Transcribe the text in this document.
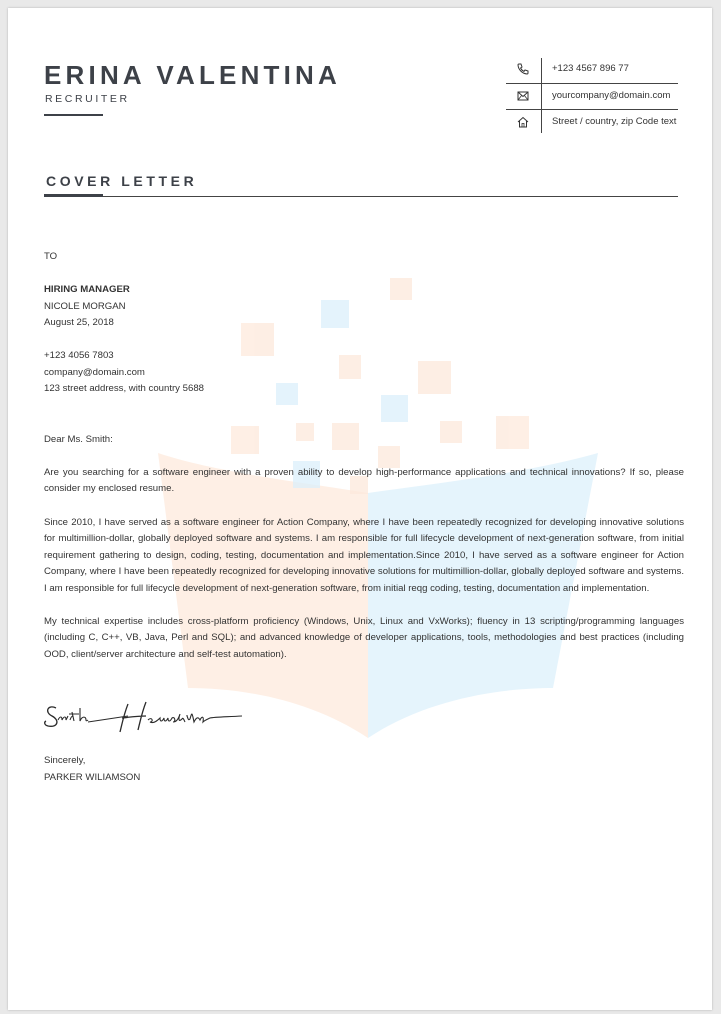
ERINA VALENTINA
RECRUITER
+123 4567 896 77
yourcompany@domain.com
Street / country, zip Code text
COVER LETTER
TO
HIRING MANAGER
NICOLE MORGAN
August 25, 2018
+123 4056 7803
company@domain.com
123 street address, with country 5688
Dear Ms. Smith:
Are you searching for a software engineer with a proven ability to develop high-performance applications and technical innovations? If so, please consider my enclosed resume.
Since 2010, I have served as a software engineer for Action Company, where I have been repeatedly recognized for developing innovative solutions for multimillion-dollar, globally deployed software and systems. I am responsible for full lifecycle development of next-generation software, from initial requirement gathering to design, coding, testing, documentation and implementation.Since 2010, I have served as a software engineer for Action Company, where I have been repeatedly recognized for developing innovative solutions for multimillion-dollar, globally deployed software and systems. I am responsible for full lifecycle development of next-generation software, from initial reqg coding, testing, documentation and implementation.
My technical expertise includes cross-platform proficiency (Windows, Unix, Linux and VxWorks); fluency in 13 scripting/programming languages (including C, C++, VB, Java, Perl and SQL); and advanced knowledge of developer applications, tools, methodologies and best practices (including OOD, client/server architecture and self-test automation).
Sincerely,
PARKER WILIAMSON
